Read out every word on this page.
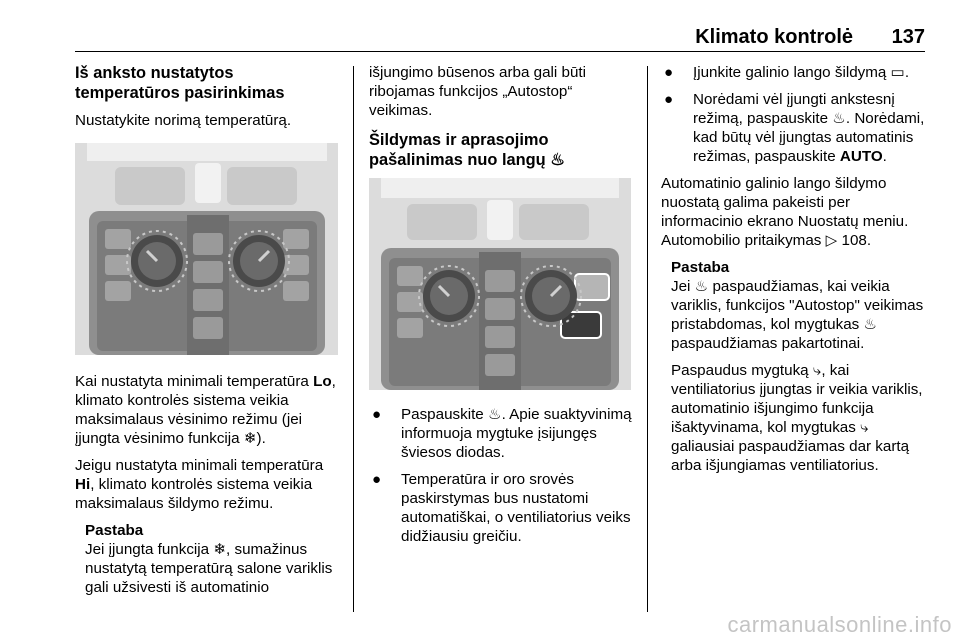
Klimato kontrolė 137
Iš anksto nustatytos
temperatūros pasirinkimas
Nustatykite norimą temperatūrą.
Kai nustatyta minimali temperatūra Lo, klimato kontrolės sistema veikia maksimalaus vėsinimo režimu (jei įjungta vėsinimo funkcija ❄).
Jeigu nustatyta minimali temperatūra Hi, klimato kontrolės sistema veikia maksimalaus šildymo režimu.
Pastaba
Jei įjungta funkcija ❄, sumažinus nustatytą temperatūrą salone variklis gali užsivesti iš automatinio
išjungimo būsenos arba gali būti ribojamas funkcijos „Autostop“ veikimas.
Šildymas ir aprasojimo
pašalinimas nuo langų ♨
● Paspauskite ♨. Apie suaktyvinimą informuoja mygtuke įsijungęs šviesos diodas.
● Temperatūra ir oro srovės paskirstymas bus nustatomi automatiškai, o ventiliatorius veiks didžiausiu greičiu.
● Įjunkite galinio lango šildymą ▭.
● Norėdami vėl įjungti ankstesnį režimą, paspauskite ♨. Norėdami, kad būtų vėl įjungtas automatinis režimas, paspauskite AUTO.
Automatinio galinio lango šildymo nuostatą galima pakeisti per informacinio ekrano Nuostatų meniu. Automobilio pritaikymas ▷ 108.
Pastaba
Jei ♨ paspaudžiamas, kai veikia variklis, funkcijos "Autostop" veikimas pristabdomas, kol mygtukas ♨ paspaudžiamas pakartotinai.
Paspaudus mygtuką ⤷, kai ventiliatorius įjungtas ir veikia variklis, automatinio išjungimo funkcija išaktyvinama, kol mygtukas ⤷ galiausiai paspaudžiamas dar kartą arba išjungiamas ventiliatorius.
carmanualsonline.info
